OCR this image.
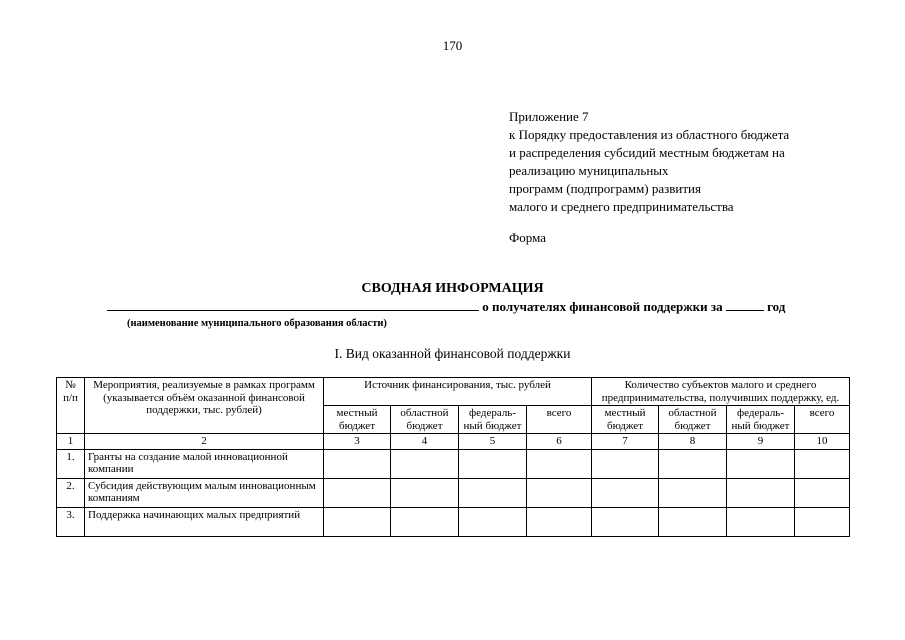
170
Приложение 7
к Порядку предоставления из областного бюджета
и распределения субсидий местным бюджетам на
реализацию муниципальных
программ (подпрограмм) развития
малого и среднего предпринимательства
Форма
СВОДНАЯ ИНФОРМАЦИЯ
о получателях финансовой поддержки за	год
(наименование муниципального образования области)
I. Вид оказанной финансовой поддержки
№ п/п	Мероприятия, реализуемые в рамках программ (указывается объём оказанной финансовой поддержки, тыс. рублей)	Источник финансирования, тыс. рублей				Количество субъектов малого и среднего предпринимательства, получивших поддержку, ед.			
		местный бюджет	областной бюджет	федераль-ный бюджет	всего	местный бюджет	областной бюджет	федераль-ный бюджет	всего
1	2	3	4	5	6	7	8	9	10
1.	Гранты на создание малой инновационной компании								
2.	Субсидия действующим малым инновационным компаниям								
3.	Поддержка начинающих малых предприятий								
